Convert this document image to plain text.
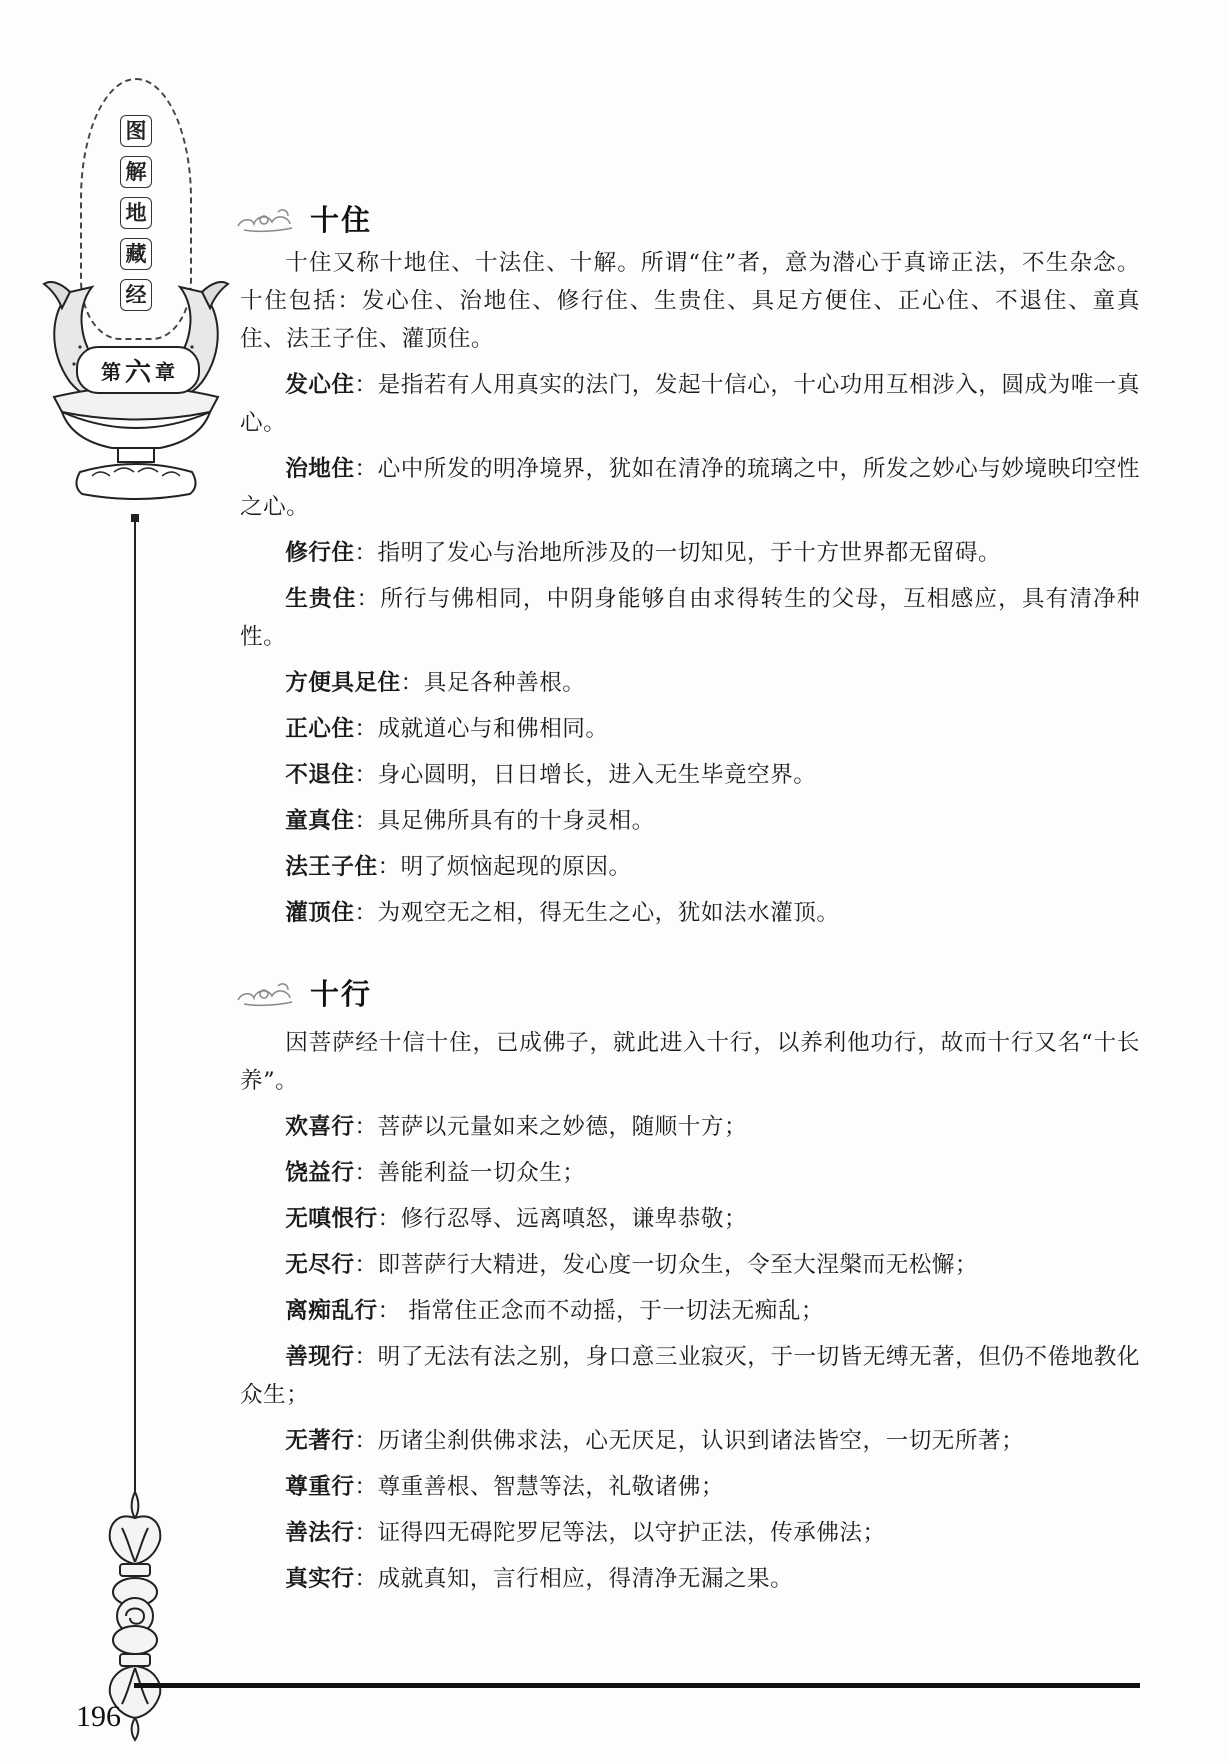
图
解
地
藏
经
第 六 章
十住

十住又称十地住、十法住、十解。所谓“住”者，意为潜心于真谛正法，不生杂念。十住包括：发心住、治地住、修行住、生贵住、具足方便住、正心住、不退住、童真住、法王子住、灌顶住。

发心住：是指若有人用真实的法门，发起十信心，十心功用互相涉入，圆成为唯一真心。

治地住：心中所发的明净境界，犹如在清净的琉璃之中，所发之妙心与妙境映印空性之心。

修行住：指明了发心与治地所涉及的一切知见，于十方世界都无留碍。

生贵住：所行与佛相同，中阴身能够自由求得转生的父母，互相感应，具有清净种性。

方便具足住：具足各种善根。

正心住：成就道心与和佛相同。

不退住：身心圆明，日日增长，进入无生毕竟空界。

童真住：具足佛所具有的十身灵相。

法王子住：明了烦恼起现的原因。

灌顶住：为观空无之相，得无生之心，犹如法水灌顶。

十行

因菩萨经十信十住，已成佛子，就此进入十行，以养利他功行，故而十行又名“十长养”。

欢喜行：菩萨以元量如来之妙德，随顺十方；

饶益行：善能利益一切众生；

无嗔恨行：修行忍辱、远离嗔怒，谦卑恭敬；

无尽行：即菩萨行大精进，发心度一切众生，令至大涅槃而无松懈；

离痴乱行： 指常住正念而不动摇，于一切法无痴乱；

善现行：明了无法有法之别，身口意三业寂灭，于一切皆无缚无著，但仍不倦地教化众生；

无著行：历诸尘刹供佛求法，心无厌足，认识到诸法皆空，一切无所著；

尊重行：尊重善根、智慧等法，礼敬诸佛；

善法行：证得四无碍陀罗尼等法，以守护正法，传承佛法；

真实行：成就真知，言行相应，得清净无漏之果。

196
